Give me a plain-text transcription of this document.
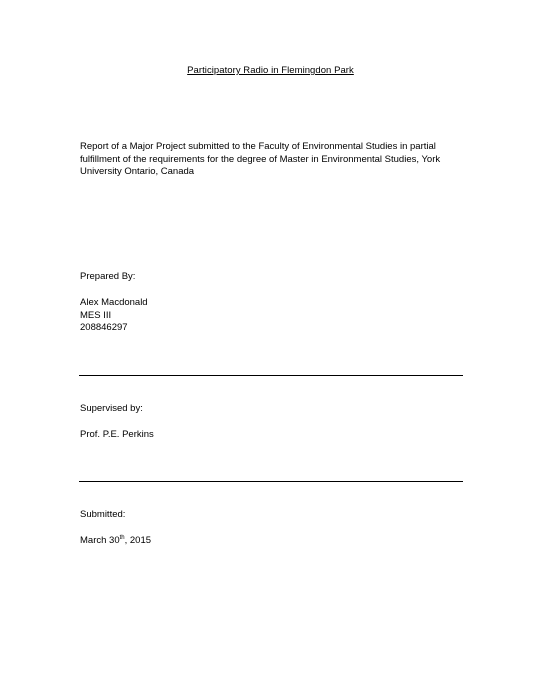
Participatory Radio in Flemingdon Park
Report of a Major Project submitted to the Faculty of Environmental Studies in partial
fulfillment of the requirements for the degree of Master in Environmental Studies, York
University Ontario, Canada
Prepared By:
Alex Macdonald
MES III
208846297
Supervised by:
Prof. P.E. Perkins
Submitted:
March 30th, 2015
